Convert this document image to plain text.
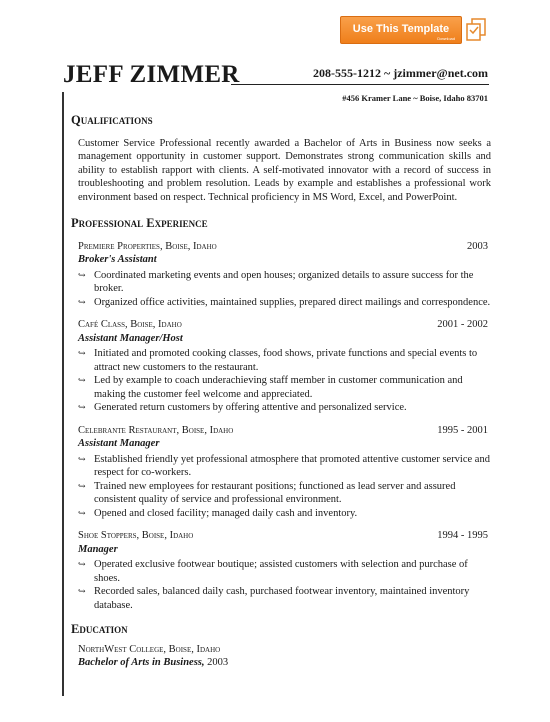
Use This Template
Download
JEFF ZIMMER	208-555-1212 ~ jzimmer@net.com
#456 Kramer Lane ~ Boise, Idaho 83701
Qualifications
Customer Service Professional recently awarded a Bachelor of Arts in Business now seeks a management opportunity in customer support. Demonstrates strong communication skills and ability to establish rapport with clients. A self-motivated innovator with a record of success in troubleshooting and problem resolution. Leads by example and establishes a professional work environment based on respect. Technical proficiency in MS Word, Excel, and PowerPoint.
Professional Experience
Premiere Properties, Boise, Idaho	2003
Broker's Assistant
↪ Coordinated marketing events and open houses; organized details to assure success for the broker.
↪ Organized office activities, maintained supplies, prepared direct mailings and correspondence.
Café Class, Boise, Idaho	2001 - 2002
Assistant Manager/Host
↪ Initiated and promoted cooking classes, food shows, private functions and special events to attract new customers to the restaurant.
↪ Led by example to coach underachieving staff member in customer communication and making the customer feel welcome and appreciated.
↪ Generated return customers by offering attentive and personalized service.
Celebrante Restaurant, Boise, Idaho	1995 - 2001
Assistant Manager
↪ Established friendly yet professional atmosphere that promoted attentive customer service and respect for co-workers.
↪ Trained new employees for restaurant positions; functioned as lead server and assured consistent quality of service and professional environment.
↪ Opened and closed facility; managed daily cash and inventory.
Shoe Stoppers, Boise, Idaho	1994 - 1995
Manager
↪ Operated exclusive footwear boutique; assisted customers with selection and purchase of shoes.
↪ Recorded sales, balanced daily cash, purchased footwear inventory, maintained inventory database.
Education
NorthWest College, Boise, Idaho
Bachelor of Arts in Business, 2003
